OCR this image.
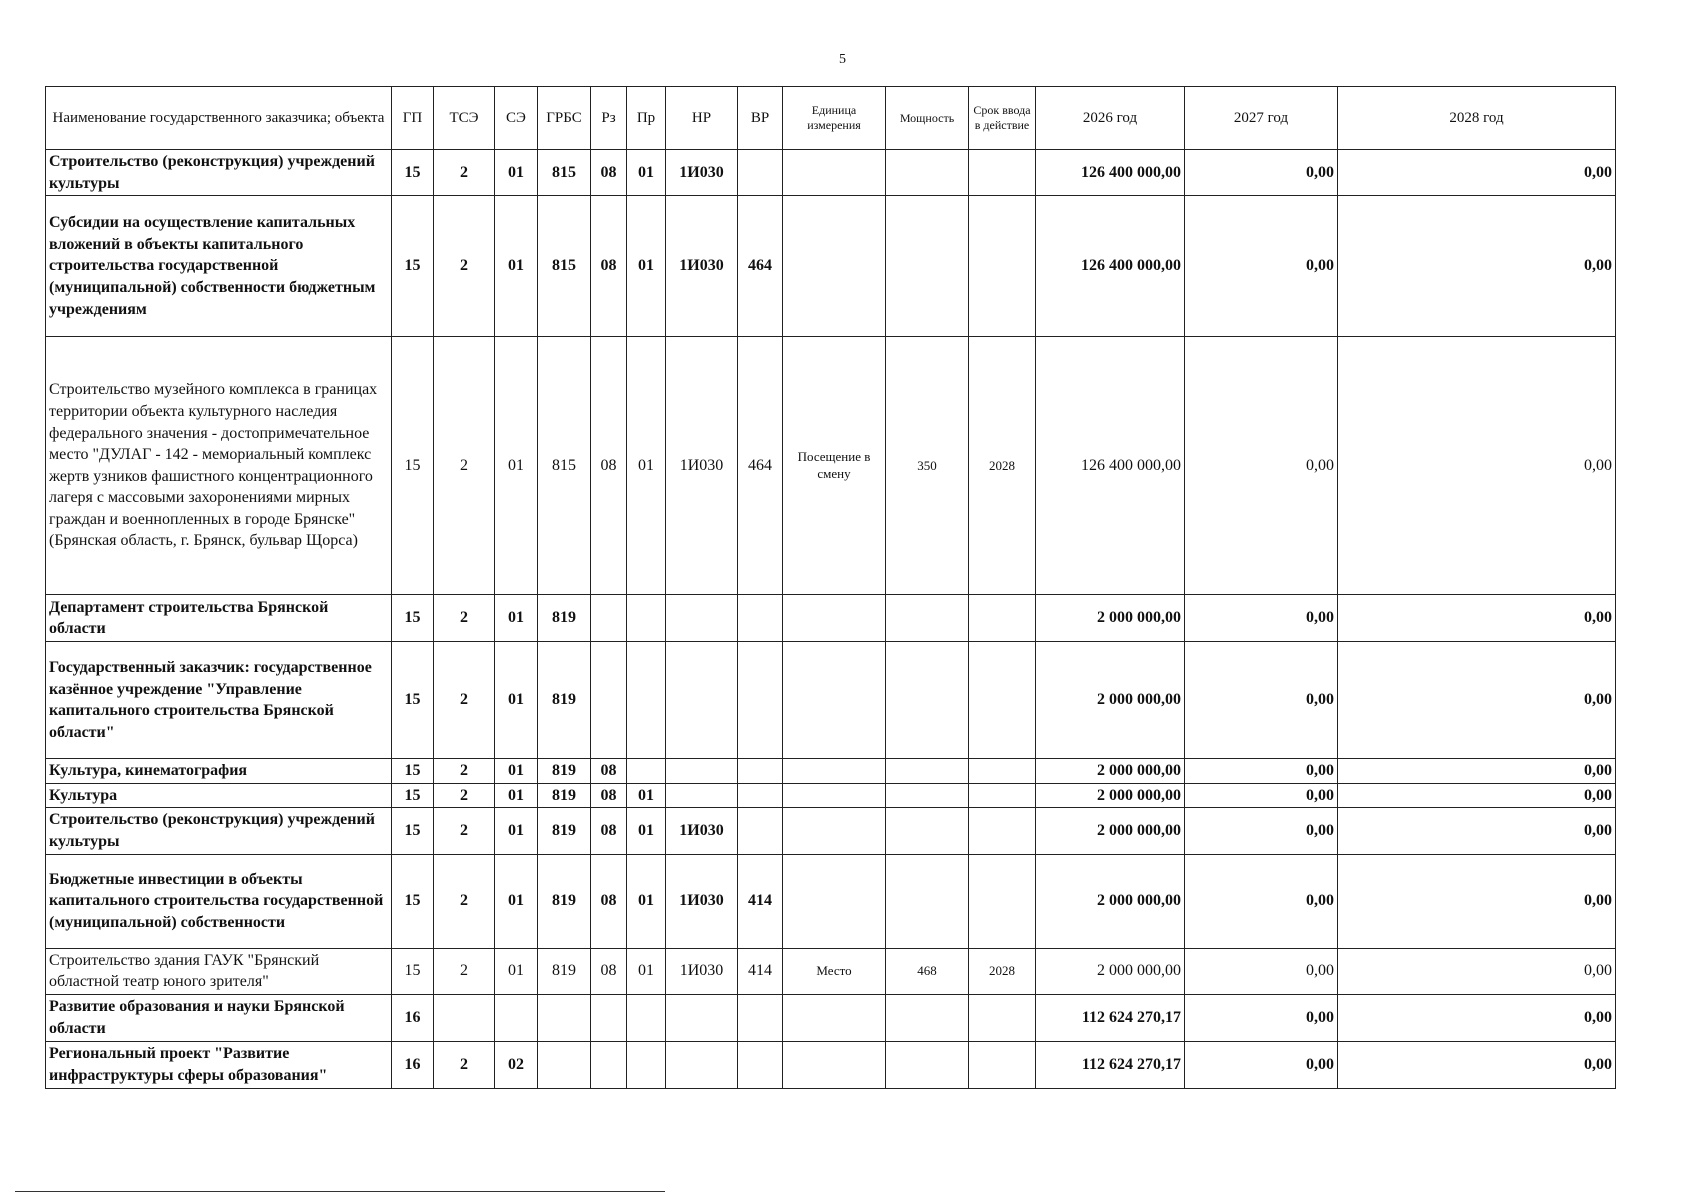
5
Наименование государственного заказчика; объекта	ГП	ТСЭ	СЭ	ГРБС	Рз	Пр	НР	ВР	Единица измерения	Мощность	Срок ввода в действие	2026 год	2027 год	2028 год
Строительство (реконструкция) учреждений культуры	15	2	01	815	08	01	1И030					126 400 000,00	0,00	0,00
Субсидии на осуществление капитальных вложений в объекты капитального строительства государственной (муниципальной) собственности бюджетным учреждениям	15	2	01	815	08	01	1И030	464				126 400 000,00	0,00	0,00
Строительство музейного комплекса в границах территории объекта культурного наследия федерального значения - достопримечательное место "ДУЛАГ - 142 - мемориальный комплекс жертв узников фашистного концентрационного лагеря с массовыми захоронениями мирных граждан и военнопленных в городе Брянске" (Брянская область, г. Брянск, бульвар Щорса)	15	2	01	815	08	01	1И030	464	Посещение в смену	350	2028	126 400 000,00	0,00	0,00
Департамент строительства Брянской области	15	2	01	819								2 000 000,00	0,00	0,00
Государственный заказчик: государственное казённое учреждение "Управление капитального строительства Брянской области"	15	2	01	819								2 000 000,00	0,00	0,00
Культура, кинематография	15	2	01	819	08							2 000 000,00	0,00	0,00
Культура	15	2	01	819	08	01						2 000 000,00	0,00	0,00
Строительство (реконструкция) учреждений культуры	15	2	01	819	08	01	1И030					2 000 000,00	0,00	0,00
Бюджетные инвестиции в объекты капитального строительства государственной (муниципальной) собственности	15	2	01	819	08	01	1И030	414				2 000 000,00	0,00	0,00
Строительство здания ГАУК "Брянский областной театр юного зрителя"	15	2	01	819	08	01	1И030	414	Место	468	2028	2 000 000,00	0,00	0,00
Развитие образования и науки Брянской области	16											112 624 270,17	0,00	0,00
Региональный проект "Развитие инфраструктуры сферы образования"	16	2	02									112 624 270,17	0,00	0,00
